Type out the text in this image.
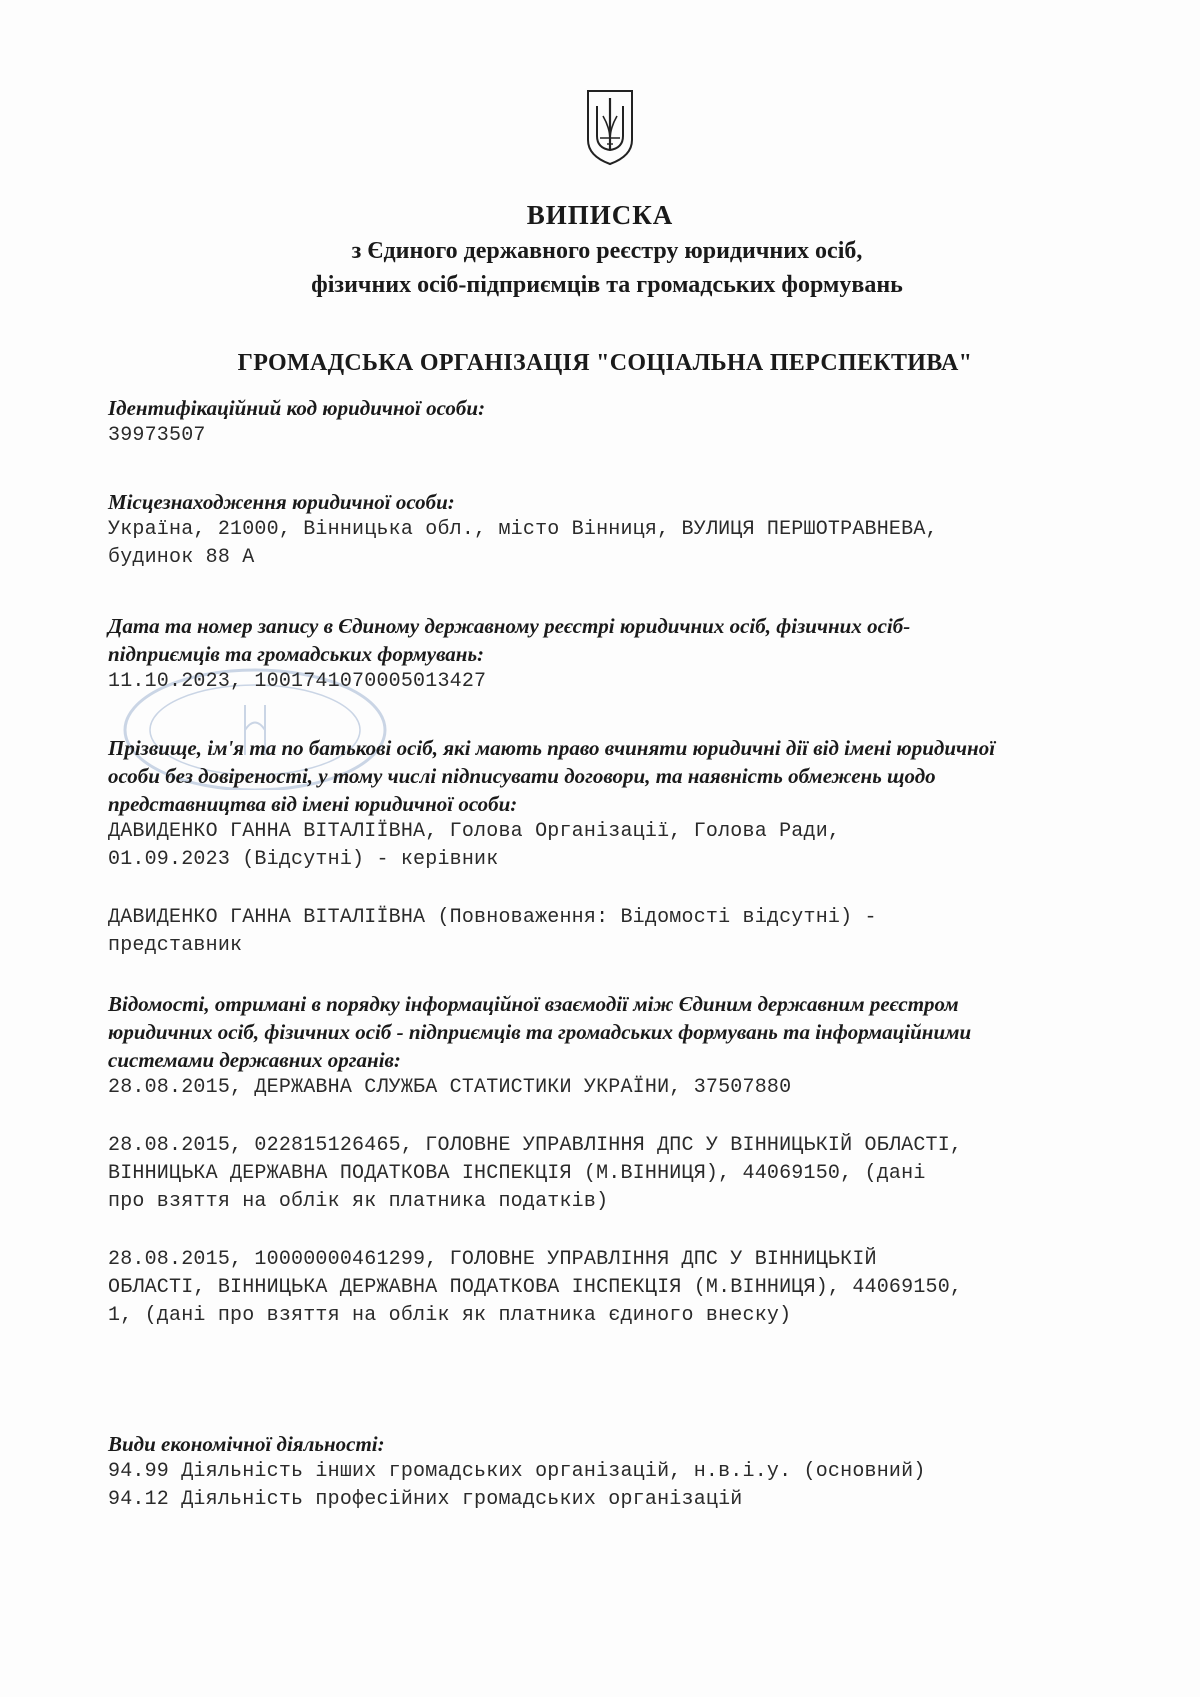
ВИПИСКА
з Єдиного державного реєстру юридичних осіб,
фізичних осіб-підприємців та громадських формувань
ГРОМАДСЬКА ОРГАНІЗАЦІЯ "СОЦІАЛЬНА ПЕРСПЕКТИВА"

Ідентифікаційний код юридичної особи:

39973507

Місцезнаходження юридичної особи:

Україна, 21000, Вінницька обл., місто Вінниця, ВУЛИЦЯ ПЕРШОТРАВНЕВА,

будинок 88 А

Дата та номер запису в Єдиному державному реєстрі юридичних осіб, фізичних осіб-

підприємців та громадських формувань:

11.10.2023, 1001741070005013427

Прізвище, ім'я та по батькові осіб, які мають право вчиняти юридичні дії від імені юридичної

особи без довіреності, у тому числі підписувати договори, та наявність обмежень щодо

представництва від імені юридичної особи:

ДАВИДЕНКО ГАННА ВІТАЛІЇВНА, Голова Організації, Голова Ради,

01.09.2023 (Відсутні) - керівник

ДАВИДЕНКО ГАННА ВІТАЛІЇВНА (Повноваження: Відомості відсутні) -

представник

Відомості, отримані в порядку інформаційної взаємодії між Єдиним державним реєстром

юридичних осіб, фізичних осіб - підприємців та громадських формувань та інформаційними

системами державних органів:

28.08.2015, ДЕРЖАВНА СЛУЖБА СТАТИСТИКИ УКРАЇНИ, 37507880

28.08.2015, 022815126465, ГОЛОВНЕ УПРАВЛІННЯ ДПС У ВІННИЦЬКІЙ ОБЛАСТІ,

ВІННИЦЬКА ДЕРЖАВНА ПОДАТКОВА ІНСПЕКЦІЯ (М.ВІННИЦЯ), 44069150, (дані

про взяття на облік як платника податків)

28.08.2015, 10000000461299, ГОЛОВНЕ УПРАВЛІННЯ ДПС У ВІННИЦЬКІЙ

ОБЛАСТІ, ВІННИЦЬКА ДЕРЖАВНА ПОДАТКОВА ІНСПЕКЦІЯ (М.ВІННИЦЯ), 44069150,

1, (дані про взяття на облік як платника єдиного внеску)

Види економічної діяльності:

94.99 Діяльність інших громадських організацій, н.в.і.у. (основний)

94.12 Діяльність професійних громадських організацій
